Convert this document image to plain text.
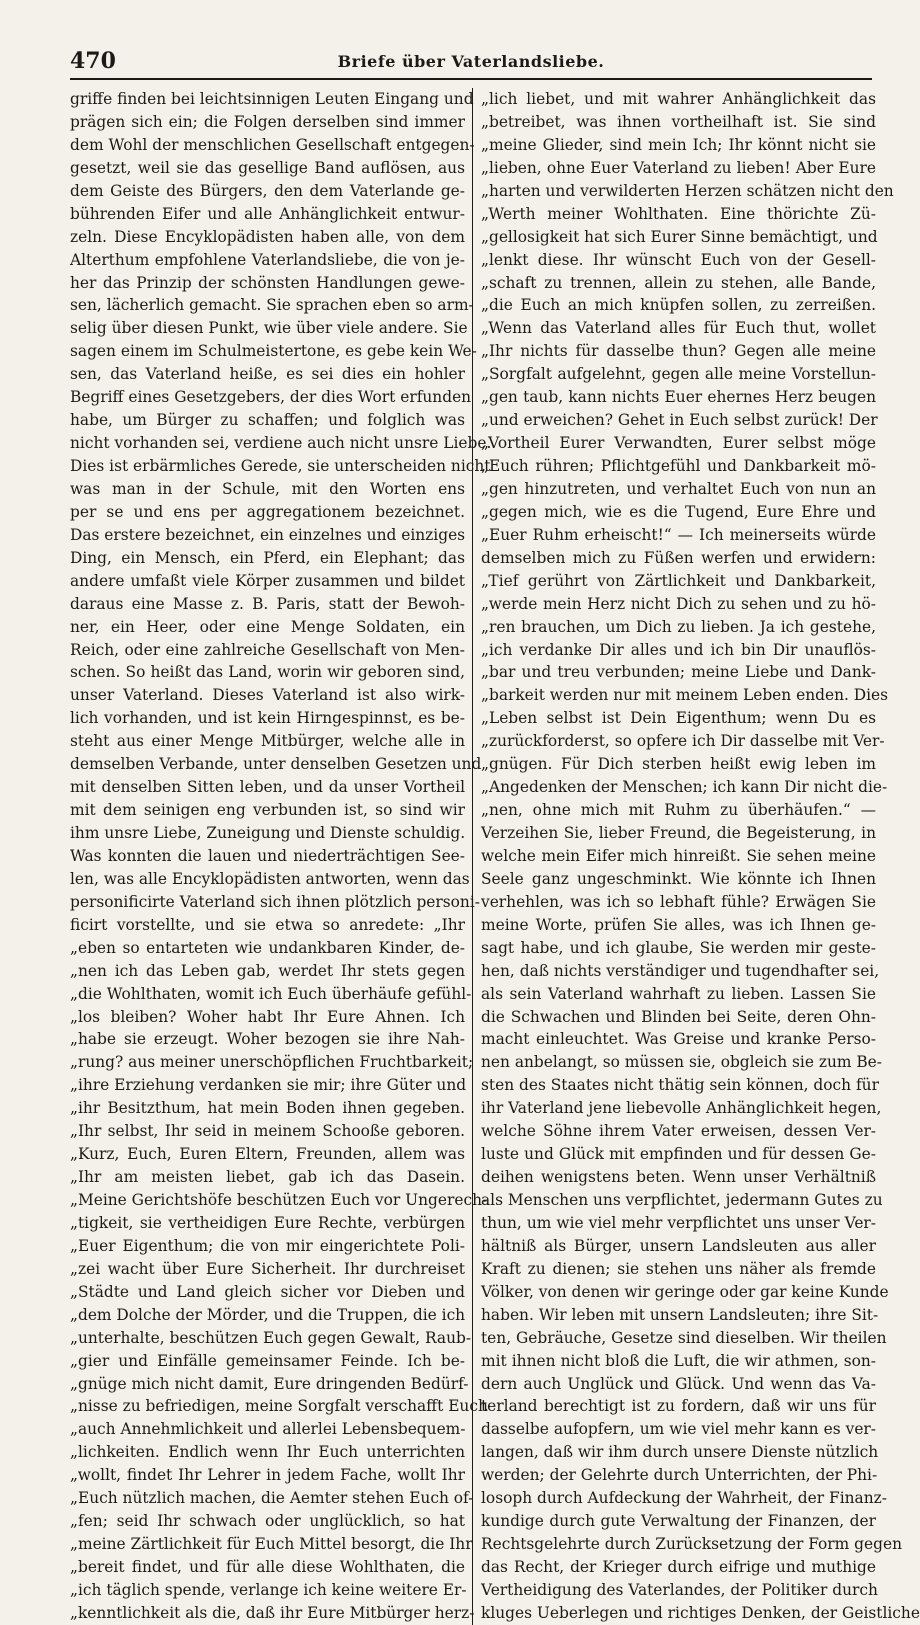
470	Briefe über Vaterlandsliebe.
griffe finden bei leichtsinnigen Leuten Eingang und
prägen sich ein; die Folgen derselben sind immer
dem Wohl der menschlichen Gesellschaft entgegen-
gesetzt, weil sie das gesellige Band auflösen, aus
dem Geiste des Bürgers, den dem Vaterlande ge-
bührenden Eifer und alle Anhänglichkeit entwur-
zeln. Diese Encyklopädisten haben alle, von dem
Alterthum empfohlene Vaterlandsliebe, die von je-
her das Prinzip der schönsten Handlungen gewe-
sen, lächerlich gemacht. Sie sprachen eben so arm-
selig über diesen Punkt, wie über viele andere. Sie
sagen einem im Schulmeistertone, es gebe kein We-
sen, das Vaterland heiße, es sei dies ein hohler
Begriff eines Gesetzgebers, der dies Wort erfunden
habe, um Bürger zu schaffen; und folglich was
nicht vorhanden sei, verdiene auch nicht unsre Liebe.
Dies ist erbärmliches Gerede, sie unterscheiden nicht
was man in der Schule, mit den Worten ens
per se und ens per aggregationem bezeichnet.
Das erstere bezeichnet, ein einzelnes und einziges
Ding, ein Mensch, ein Pferd, ein Elephant; das
andere umfaßt viele Körper zusammen und bildet
daraus eine Masse z. B. Paris, statt der Bewoh-
ner, ein Heer, oder eine Menge Soldaten, ein
Reich, oder eine zahlreiche Gesellschaft von Men-
schen. So heißt das Land, worin wir geboren sind,
unser Vaterland. Dieses Vaterland ist also wirk-
lich vorhanden, und ist kein Hirngespinnst, es be-
steht aus einer Menge Mitbürger, welche alle in
demselben Verbande, unter denselben Gesetzen und
mit denselben Sitten leben, und da unser Vortheil
mit dem seinigen eng verbunden ist, so sind wir
ihm unsre Liebe, Zuneigung und Dienste schuldig.
Was konnten die lauen und niederträchtigen See-
len, was alle Encyklopädisten antworten, wenn das
personificirte Vaterland sich ihnen plötzlich personi-
ficirt vorstellte, und sie etwa so anredete: „Ihr
„eben so entarteten wie undankbaren Kinder, de-
„nen ich das Leben gab, werdet Ihr stets gegen
„die Wohlthaten, womit ich Euch überhäufe gefühl-
„los bleiben? Woher habt Ihr Eure Ahnen. Ich
„habe sie erzeugt. Woher bezogen sie ihre Nah-
„rung? aus meiner unerschöpflichen Fruchtbarkeit;
„ihre Erziehung verdanken sie mir; ihre Güter und
„ihr Besitzthum, hat mein Boden ihnen gegeben.
„Ihr selbst, Ihr seid in meinem Schooße geboren.
„Kurz, Euch, Euren Eltern, Freunden, allem was
„Ihr am meisten liebet, gab ich das Dasein.
„Meine Gerichtshöfe beschützen Euch vor Ungerech-
„tigkeit, sie vertheidigen Eure Rechte, verbürgen
„Euer Eigenthum; die von mir eingerichtete Poli-
„zei wacht über Eure Sicherheit. Ihr durchreiset
„Städte und Land gleich sicher vor Dieben und
„dem Dolche der Mörder, und die Truppen, die ich
„unterhalte, beschützen Euch gegen Gewalt, Raub-
„gier und Einfälle gemeinsamer Feinde. Ich be-
„gnüge mich nicht damit, Eure dringenden Bedürf-
„nisse zu befriedigen, meine Sorgfalt verschafft Euch
„auch Annehmlichkeit und allerlei Lebensbequem-
„lichkeiten. Endlich wenn Ihr Euch unterrichten
„wollt, findet Ihr Lehrer in jedem Fache, wollt Ihr
„Euch nützlich machen, die Aemter stehen Euch of-
„fen; seid Ihr schwach oder unglücklich, so hat
„meine Zärtlichkeit für Euch Mittel besorgt, die Ihr
„bereit findet, und für alle diese Wohlthaten, die
„ich täglich spende, verlange ich keine weitere Er-
„kenntlichkeit als die, daß ihr Eure Mitbürger herz-
„lich liebet, und mit wahrer Anhänglichkeit das
„betreibet, was ihnen vortheilhaft ist. Sie sind
„meine Glieder, sind mein Ich; Ihr könnt nicht sie
„lieben, ohne Euer Vaterland zu lieben! Aber Eure
„harten und verwilderten Herzen schätzen nicht den
„Werth meiner Wohlthaten. Eine thörichte Zü-
„gellosigkeit hat sich Eurer Sinne bemächtigt, und
„lenkt diese. Ihr wünscht Euch von der Gesell-
„schaft zu trennen, allein zu stehen, alle Bande,
„die Euch an mich knüpfen sollen, zu zerreißen.
„Wenn das Vaterland alles für Euch thut, wollet
„Ihr nichts für dasselbe thun? Gegen alle meine
„Sorgfalt aufgelehnt, gegen alle meine Vorstellun-
„gen taub, kann nichts Euer ehernes Herz beugen
„und erweichen? Gehet in Euch selbst zurück! Der
„Vortheil Eurer Verwandten, Eurer selbst möge
„Euch rühren; Pflichtgefühl und Dankbarkeit mö-
„gen hinzutreten, und verhaltet Euch von nun an
„gegen mich, wie es die Tugend, Eure Ehre und
„Euer Ruhm erheischt!“ — Ich meinerseits würde
demselben mich zu Füßen werfen und erwidern:
„Tief gerührt von Zärtlichkeit und Dankbarkeit,
„werde mein Herz nicht Dich zu sehen und zu hö-
„ren brauchen, um Dich zu lieben. Ja ich gestehe,
„ich verdanke Dir alles und ich bin Dir unauflös-
„bar und treu verbunden; meine Liebe und Dank-
„barkeit werden nur mit meinem Leben enden. Dies
„Leben selbst ist Dein Eigenthum; wenn Du es
„zurückforderst, so opfere ich Dir dasselbe mit Ver-
„gnügen. Für Dich sterben heißt ewig leben im
„Angedenken der Menschen; ich kann Dir nicht die-
„nen, ohne mich mit Ruhm zu überhäufen.“ —
Verzeihen Sie, lieber Freund, die Begeisterung, in
welche mein Eifer mich hinreißt. Sie sehen meine
Seele ganz ungeschminkt. Wie könnte ich Ihnen
verhehlen, was ich so lebhaft fühle? Erwägen Sie
meine Worte, prüfen Sie alles, was ich Ihnen ge-
sagt habe, und ich glaube, Sie werden mir geste-
hen, daß nichts verständiger und tugendhafter sei,
als sein Vaterland wahrhaft zu lieben. Lassen Sie
die Schwachen und Blinden bei Seite, deren Ohn-
macht einleuchtet. Was Greise und kranke Perso-
nen anbelangt, so müssen sie, obgleich sie zum Be-
sten des Staates nicht thätig sein können, doch für
ihr Vaterland jene liebevolle Anhänglichkeit hegen,
welche Söhne ihrem Vater erweisen, dessen Ver-
luste und Glück mit empfinden und für dessen Ge-
deihen wenigstens beten. Wenn unser Verhältniß
als Menschen uns verpflichtet, jedermann Gutes zu
thun, um wie viel mehr verpflichtet uns unser Ver-
hältniß als Bürger, unsern Landsleuten aus aller
Kraft zu dienen; sie stehen uns näher als fremde
Völker, von denen wir geringe oder gar keine Kunde
haben. Wir leben mit unsern Landsleuten; ihre Sit-
ten, Gebräuche, Gesetze sind dieselben. Wir theilen
mit ihnen nicht bloß die Luft, die wir athmen, son-
dern auch Unglück und Glück. Und wenn das Va-
terland berechtigt ist zu fordern, daß wir uns für
dasselbe aufopfern, um wie viel mehr kann es ver-
langen, daß wir ihm durch unsere Dienste nützlich
werden; der Gelehrte durch Unterrichten, der Phi-
losoph durch Aufdeckung der Wahrheit, der Finanz-
kundige durch gute Verwaltung der Finanzen, der
Rechtsgelehrte durch Zurücksetzung der Form gegen
das Recht, der Krieger durch eifrige und muthige
Vertheidigung des Vaterlandes, der Politiker durch
kluges Ueberlegen und richtiges Denken, der Geistliche
